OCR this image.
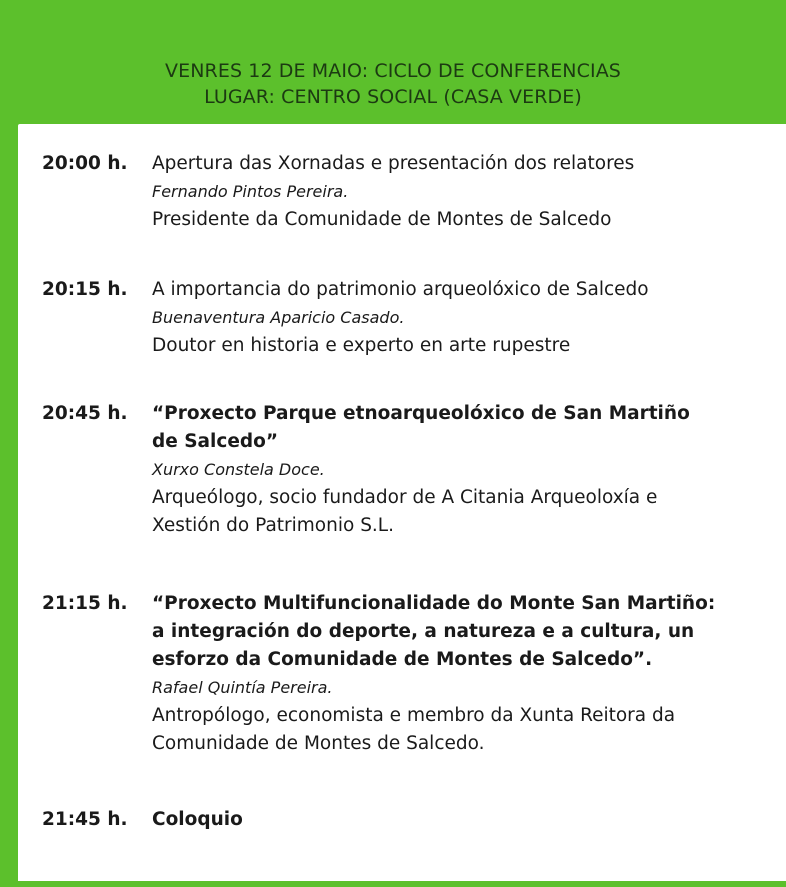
VENRES 12 DE MAIO: CICLO DE CONFERENCIAS
LUGAR: CENTRO SOCIAL (CASA VERDE)
20:00 h. Apertura das Xornadas e presentación dos relatores
Fernando Pintos Pereira.
Presidente da Comunidade de Montes de Salcedo
20:15 h. A importancia do patrimonio arqueolóxico de Salcedo
Buenaventura Aparicio Casado.
Doutor en historia e experto en arte rupestre
20:45 h. “Proxecto Parque etnoarqueolóxico de San Martiño
de Salcedo”
Xurxo Constela Doce.
Arqueólogo, socio fundador de A Citania Arqueoloxía e
Xestión do Patrimonio S.L.
21:15 h. “Proxecto Multifuncionalidade do Monte San Martiño:
a integración do deporte, a natureza e a cultura, un
esforzo da Comunidade de Montes de Salcedo”.
Rafael Quintía Pereira.
Antropólogo, economista e membro da Xunta Reitora da
Comunidade de Montes de Salcedo.
21:45 h. Coloquio
